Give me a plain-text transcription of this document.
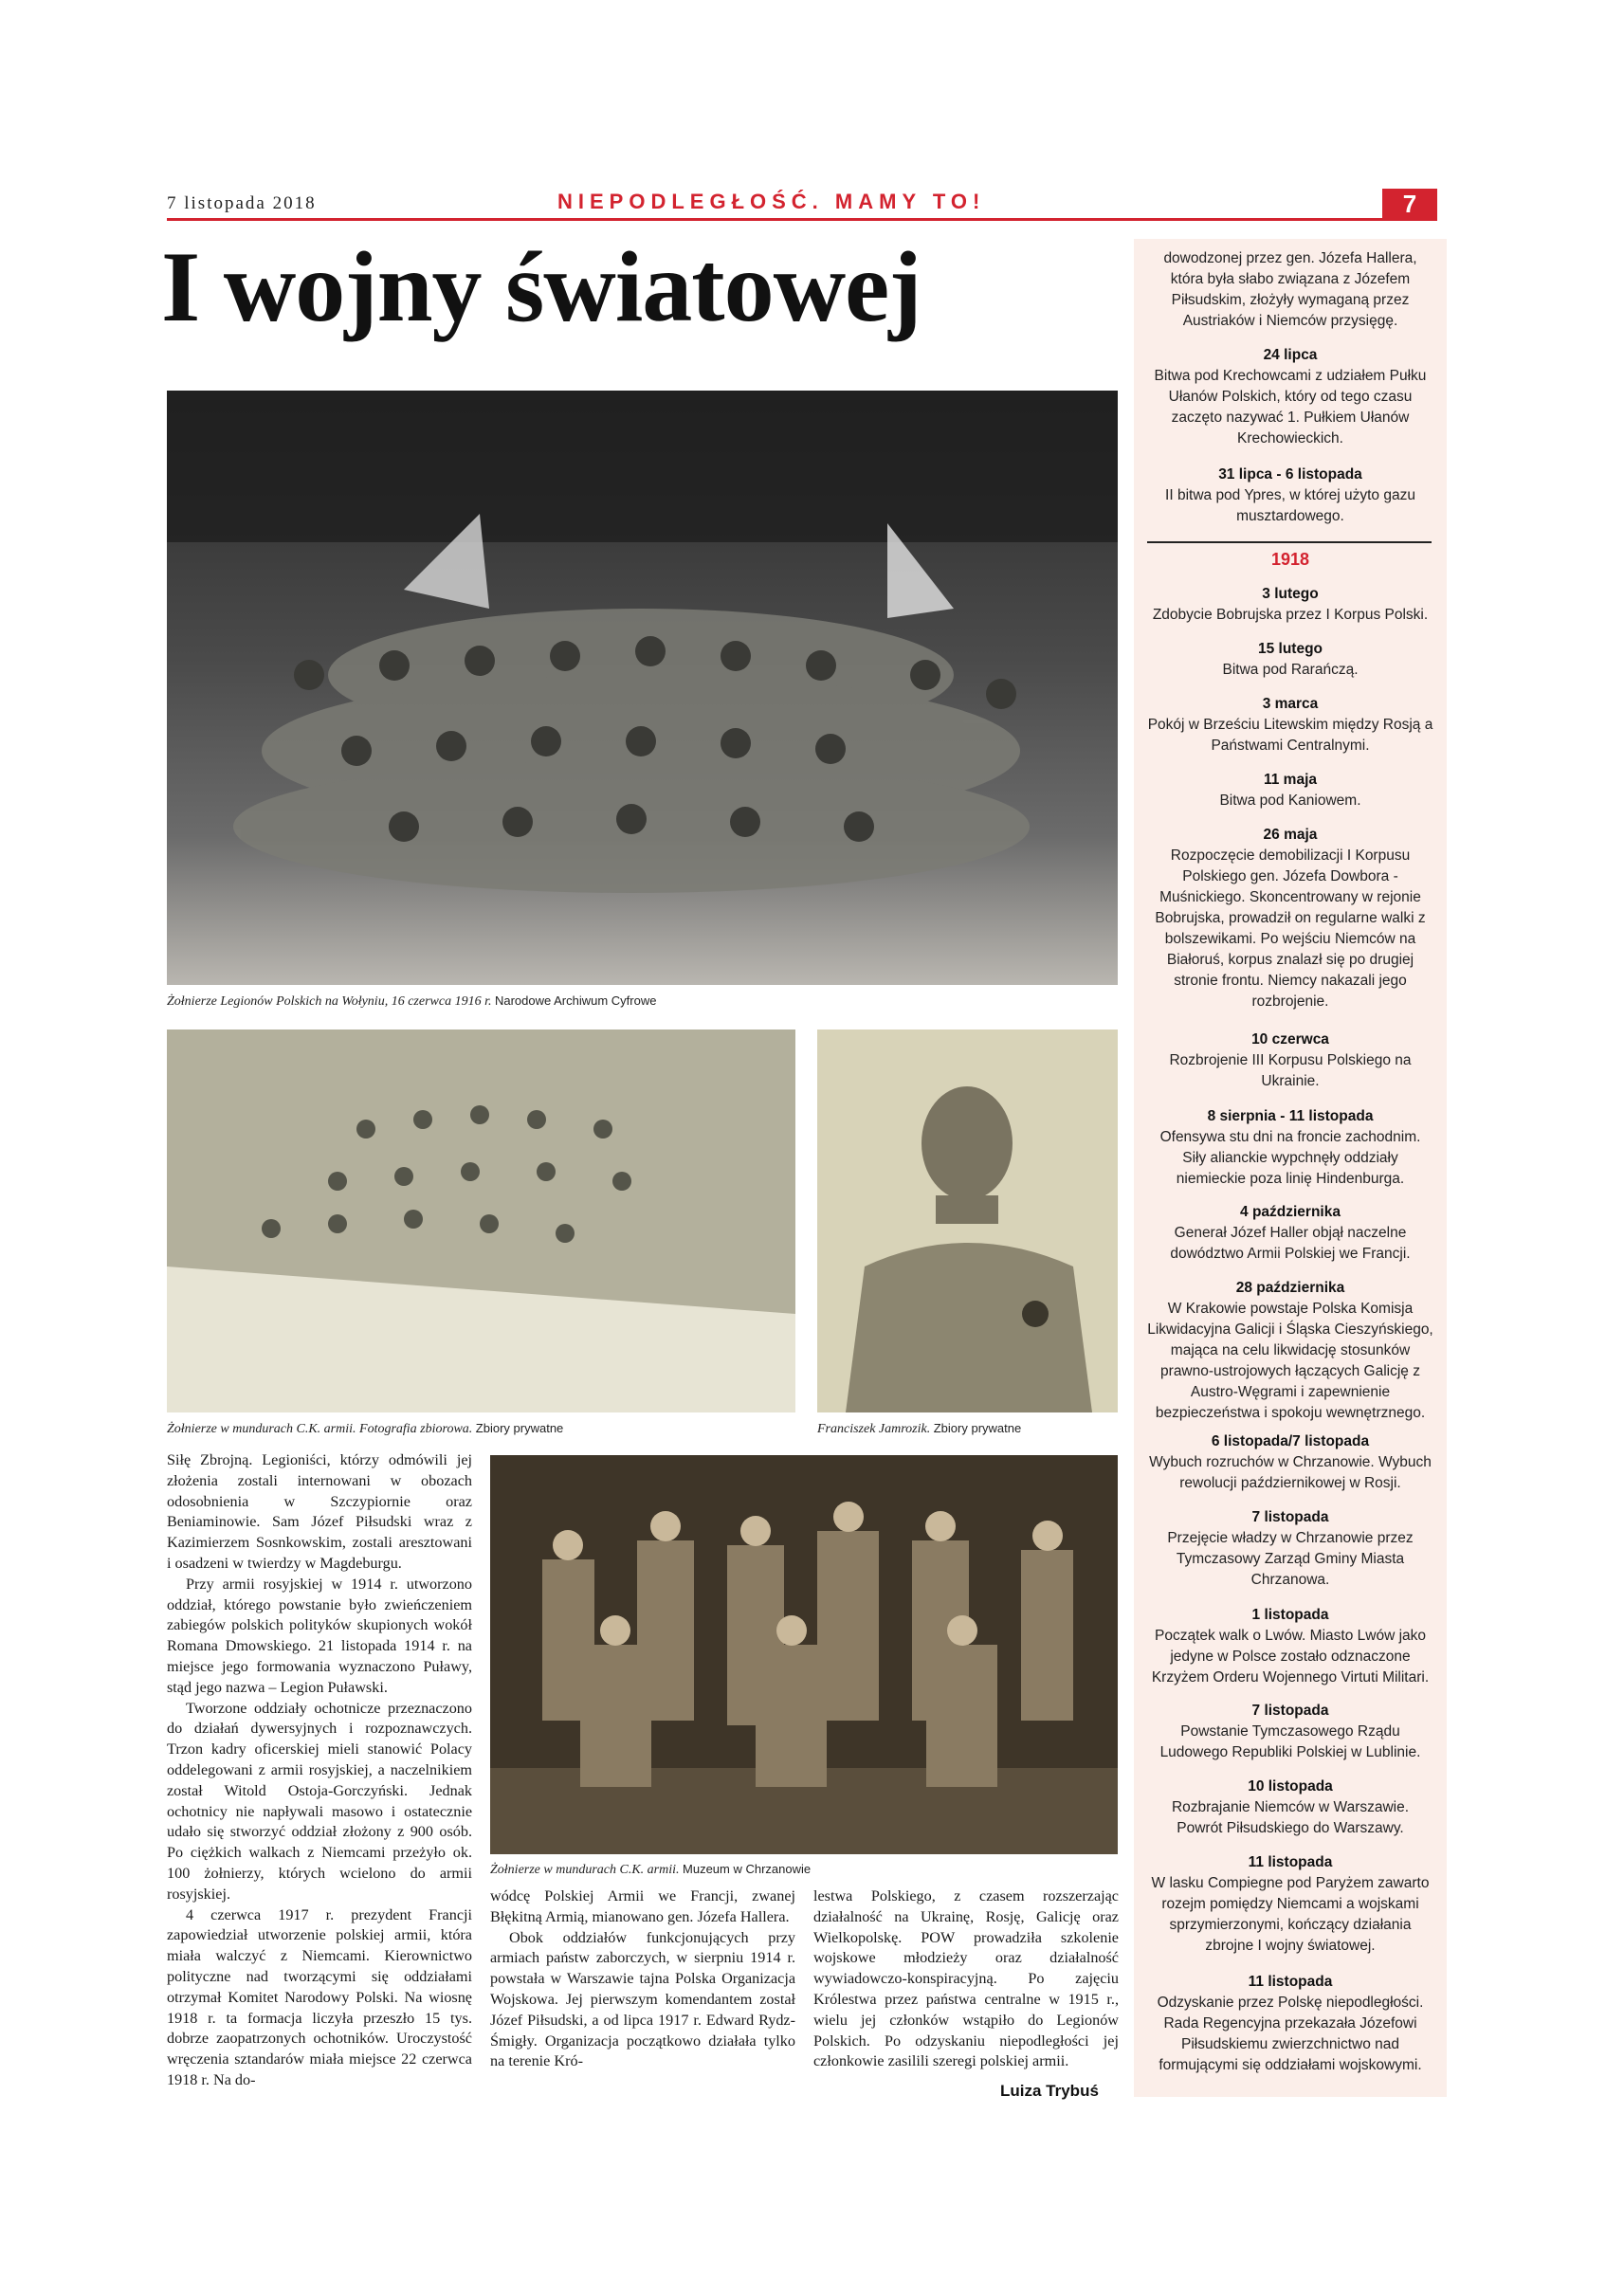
7 listopada 2018	NIEPODLEGŁOŚĆ. MAMY TO!	7
I wojny światowej
Żołnierze Legionów Polskich na Wołyniu, 16 czerwca 1916 r. Narodowe Archiwum Cyfrowe
Żołnierze w mundurach C.K. armii. Fotografia zbiorowa. Zbiory prywatne	Franciszek Jamrozik. Zbiory prywatne
Żołnierze w mundurach C.K. armii. Muzeum w Chrzanowie
dowodzonej przez gen. Józefa Hallera, która była słabo związana z Józefem Piłsudskim, złożyły wymaganą przez Austriaków i Niemców przysięgę.
24 lipca
Bitwa pod Krechowcami z udziałem Pułku Ułanów Polskich, który od tego czasu zaczęto nazywać 1. Pułkiem Ułanów Krechowieckich.
31 lipca - 6 listopada
II bitwa pod Ypres, w której użyto gazu musztardowego.
1918
3 lutego
Zdobycie Bobrujska przez I Korpus Polski.
15 lutego
Bitwa pod Rarańczą.
3 marca
Pokój w Brześciu Litewskim między Rosją a Państwami Centralnymi.
11 maja
Bitwa pod Kaniowem.
26 maja
Rozpoczęcie demobilizacji I Korpusu Polskiego gen. Józefa Dowbora -Muśnickiego. Skoncentrowany w rejonie Bobrujska, prowadził on regularne walki z bolszewikami. Po wejściu Niemców na Białoruś, korpus znalazł się po drugiej stronie frontu. Niemcy nakazali jego rozbrojenie.
10 czerwca
Rozbrojenie III Korpusu Polskiego na Ukrainie.
8 sierpnia - 11 listopada
Ofensywa stu dni na froncie zachodnim. Siły alianckie wypchnęły oddziały niemieckie poza linię Hindenburga.
4 października
Generał Józef Haller objął naczelne dowództwo Armii Polskiej we Francji.
28 października
W Krakowie powstaje Polska Komisja Likwidacyjna Galicji i Śląska Cieszyńskiego, mająca na celu likwidację stosunków prawno-ustrojowych łączących Galicję z Austro-Węgrami i zapewnienie bezpieczeństwa i spokoju wewnętrznego.
6 listopada/7 listopada
Wybuch rozruchów w Chrzanowie. Wybuch rewolucji październikowej w Rosji.
7 listopada
Przejęcie władzy w Chrzanowie przez Tymczasowy Zarząd Gminy Miasta Chrzanowa.
1 listopada
Początek walk o Lwów. Miasto Lwów jako jedyne w Polsce zostało odznaczone Krzyżem Orderu Wojennego Virtuti Militari.
7 listopada
Powstanie Tymczasowego Rządu Ludowego Republiki Polskiej w Lublinie.
10 listopada
Rozbrajanie Niemców w Warszawie. Powrót Piłsudskiego do Warszawy.
11 listopada
W lasku Compiegne pod Paryżem zawarto rozejm pomiędzy Niemcami a wojskami sprzymierzonymi, kończący działania zbrojne I wojny światowej.
11 listopada
Odzyskanie przez Polskę niepodległości. Rada Regencyjna przekazała Józefowi Piłsudskiemu zwierzchnictwo nad formującymi się oddziałami wojskowymi.

Siłę Zbrojną. Legioniści, którzy odmówili jej złożenia zostali internowani w obozach odosobnienia w Szczypiornie oraz Beniaminowie. Sam Józef Piłsudski wraz z Kazimierzem Sosnkowskim, zostali aresztowani i osadzeni w twierdzy w Magdeburgu.

Przy armii rosyjskiej w 1914 r. utworzono oddział, którego powstanie było zwieńczeniem zabiegów polskich polityków skupionych wokół Romana Dmowskiego. 21 listopada 1914 r. na miejsce jego formowania wyznaczono Puławy, stąd jego nazwa – Legion Puławski.

Tworzone oddziały ochotnicze przeznaczono do działań dywersyjnych i rozpoznawczych. Trzon kadry oficerskiej mieli stanowić Polacy oddelegowani z armii rosyjskiej, a naczelnikiem został Witold Ostoja-Gorczyński. Jednak ochotnicy nie napływali masowo i ostatecznie udało się stworzyć oddział złożony z 900 osób. Po ciężkich walkach z Niemcami przeżyło ok. 100 żołnierzy, których wcielono do armii rosyjskiej.

4 czerwca 1917 r. prezydent Francji zapowiedział utworzenie polskiej armii, która miała walczyć z Niemcami. Kierownictwo polityczne nad tworzącymi się oddziałami otrzymał Komitet Narodowy Polski. Na wiosnę 1918 r. ta formacja liczyła przeszło 15 tys. dobrze zaopatrzonych ochotników. Uroczystość wręczenia sztandarów miała miejsce 22 czerwca 1918 r. Na do-

wódcę Polskiej Armii we Francji, zwanej Błękitną Armią, mianowano gen. Józefa Hallera.

Obok oddziałów funkcjonujących przy armiach państw zaborczych, w sierpniu 1914 r. powstała w Warszawie tajna Polska Organizacja Wojskowa. Jej pierwszym komendantem został Józef Piłsudski, a od lipca 1917 r. Edward Rydz-Śmigły. Organizacja początkowo działała tylko na terenie Kró-

lestwa Polskiego, z czasem rozszerzając działalność na Ukrainę, Rosję, Galicję oraz Wielkopolskę. POW prowadziła szkolenie wojskowe młodzieży oraz działalność wywiadowczo-konspiracyjną. Po zajęciu Królestwa przez państwa centralne w 1915 r., wielu jej członków wstąpiło do Legionów Polskich. Po odzyskaniu niepodległości jej członkowie zasilili szeregi polskiej armii.

Luiza Trybuś
